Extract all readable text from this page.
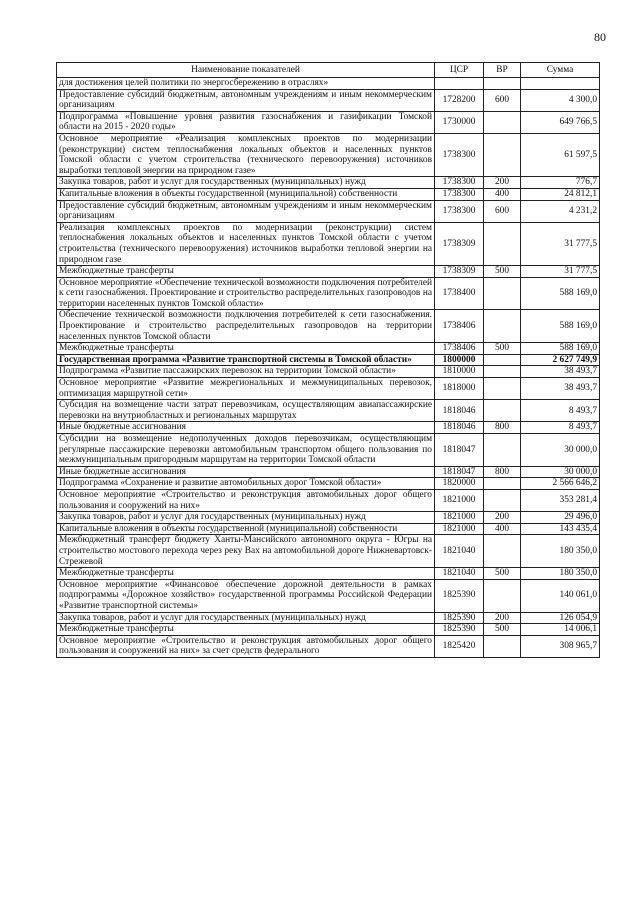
80
Наименование показателей	ЦСР	ВР	Сумма
для достижения целей политики по энергосбережению в отраслях»			
Предоставление субсидий бюджетным, автономным учреждениям и иным некоммерческим организациям	1728200	600	4 300,0
Подпрограмма «Повышение уровня развития газоснабжения и газификации Томской области на 2015 - 2020 годы»	1730000		649 766,5
Основное мероприятие «Реализация комплексных проектов по модернизации (реконструкции) систем теплоснабжения локальных объектов и населенных пунктов Томской области с учетом строительства (технического перевооружения) источников выработки тепловой энергии на природном газе»	1738300		61 597,5
Закупка товаров, работ и услуг для государственных (муниципальных) нужд	1738300	200	776,7
Капитальные вложения в объекты государственной (муниципальной) собственности	1738300	400	24 812,1
Предоставление субсидий бюджетным, автономным учреждениям и иным некоммерческим организациям	1738300	600	4 231,2
Реализация комплексных проектов по модернизации (реконструкции) систем теплоснабжения локальных объектов и населенных пунктов Томской области с учетом строительства (технического перевооружения) источников выработки тепловой энергии на природном газе	1738309		31 777,5
Межбюджетные трансферты	1738309	500	31 777,5
Основное мероприятие «Обеспечение технической возможности подключения потребителей к сети газоснабжения. Проектирование и строительство распределительных газопроводов на территории населенных пунктов Томской области»	1738400		588 169,0
Обеспечение технической возможности подключения потребителей к сети газоснабжения. Проектирование и строительство распределительных газопроводов на территории населенных пунктов Томской области	1738406		588 169,0
Межбюджетные трансферты	1738406	500	588 169,0
Государственная программа «Развитие транспортной системы в Томской области»	1800000		2 627 749,9
Подпрограмма «Развитие пассажирских перевозок на территории Томской области»	1810000		38 493,7
Основное мероприятие «Развитие межрегиональных и межмуниципальных перевозок, оптимизация маршрутной сети»	1818000		38 493,7
Субсидия на возмещение части затрат перевозчикам, осуществляющим авиапассажирские перевозки на внутриобластных и региональных маршрутах	1818046		8 493,7
Иные бюджетные ассигнования	1818046	800	8 493,7
Субсидии на возмещение недополученных доходов перевозчикам, осуществляющим регулярные пассажирские перевозки автомобильным транспортом общего пользования по межмуниципальным пригородным маршрутам на территории Томской области	1818047		30 000,0
Иные бюджетные ассигнования	1818047	800	30 000,0
Подпрограмма «Сохранение и развитие автомобильных дорог Томской области»	1820000		2 566 646,2
Основное мероприятие «Строительство и реконструкция автомобильных дорог общего пользования и сооружений на них»	1821000		353 281,4
Закупка товаров, работ и услуг для государственных (муниципальных) нужд	1821000	200	29 496,0
Капитальные вложения в объекты государственной (муниципальной) собственности	1821000	400	143 435,4
Межбюджетный трансферт бюджету Ханты-Мансийского автономного округа - Югры на строительство мостового перехода через реку Вах на автомобильной дороге Нижневартовск-Стрежевой	1821040		180 350,0
Межбюджетные трансферты	1821040	500	180 350,0
Основное мероприятие «Финансовое обеспечение дорожной деятельности в рамках подпрограммы «Дорожное хозяйство» государственной программы Российской Федерации «Развитие транспортной системы»	1825390		140 061,0
Закупка товаров, работ и услуг для государственных (муниципальных) нужд	1825390	200	126 054,9
Межбюджетные трансферты	1825390	500	14 006,1
Основное мероприятие «Строительство и реконструкция автомобильных дорог общего пользования и сооружений на них» за счет средств федерального	1825420		308 965,7
